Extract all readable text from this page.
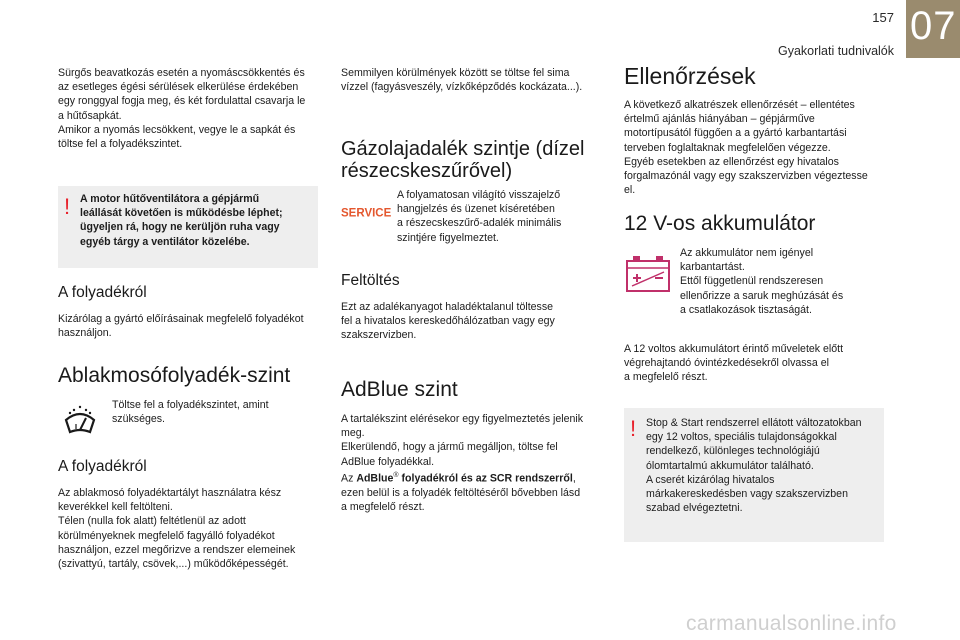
157
Gyakorlati tudnivalók
07
Sürgős beavatkozás esetén a nyomáscsökkentés és
az esetleges égési sérülések elkerülése érdekében
egy ronggyal fogja meg, és két fordulattal csavarja le
a hűtősapkát.
Amikor a nyomás lecsökkent, vegye le a sapkát és
töltse fel a folyadékszintet.
! A motor hűtőventilátora a gépjármű
leállását követően is működésbe léphet;
ügyeljen rá, hogy ne kerüljön ruha vagy
egyéb tárgy a ventilátor közelébe.
A folyadékról
Kizárólag a gyártó előírásainak megfelelő folyadékot
használjon.
Ablakmosófolyadék-szint
Töltse fel a folyadékszintet, amint
szükséges.
A folyadékról
Az ablakmosó folyadéktartályt használatra kész
keverékkel kell feltölteni.
Télen (nulla fok alatt) feltétlenül az adott
körülményeknek megfelelő fagyálló folyadékot
használjon, ezzel megőrizve a rendszer elemeinek
(szivattyú, tartály, csövek,...) működőképességét.
Semmilyen körülmények között se töltse fel sima
vízzel (fagyásveszély, vízkőképződés kockázata...).
Gázolajadalék szintje (dízel
részecskeszűrővel)
SERVICE
A folyamatosan világító visszajelző
hangjelzés és üzenet kíséretében
a részecskeszűrő-adalék minimális
szintjére figyelmeztet.
Feltöltés
Ezt az adalékanyagot haladéktalanul töltesse
fel a hivatalos kereskedőhálózatban vagy egy
szakszervizben.
AdBlue szint
A tartalékszint elérésekor egy figyelmeztetés jelenik
meg.
Elkerülendő, hogy a jármű megálljon, töltse fel
AdBlue folyadékkal.
Az AdBlue® folyadékról és az SCR rendszerről,
ezen belül is a folyadék feltöltéséről bővebben lásd
a megfelelő részt.
Ellenőrzések
A következő alkatrészek ellenőrzését – ellentétes
értelmű ajánlás hiányában – gépjárműve
motortípusától függően a a gyártó karbantartási
terveben foglaltaknak megfelelően végezze.
Egyéb esetekben az ellenőrzést egy hivatalos
forgalmazónál vagy egy szakszervizben végeztesse
el.
12 V-os akkumulátor
Az akkumulátor nem igényel
karbantartást.
Ettől függetlenül rendszeresen
ellenőrizze a saruk meghúzását és
a csatlakozások tisztaságát.
A 12 voltos akkumulátort érintő műveletek előtt
végrehajtandó óvintézkedésekről olvassa el
a megfelelő részt.
! Stop & Start rendszerrel ellátott változatokban
egy 12 voltos, speciális tulajdonságokkal
rendelkező, különleges technológiájú
ólomtartalmú akkumulátor található.
A cserét kizárólag hivatalos
márkakereskedésben vagy szakszervizben
szabad elvégeztetni.
carmanualsonline.info
